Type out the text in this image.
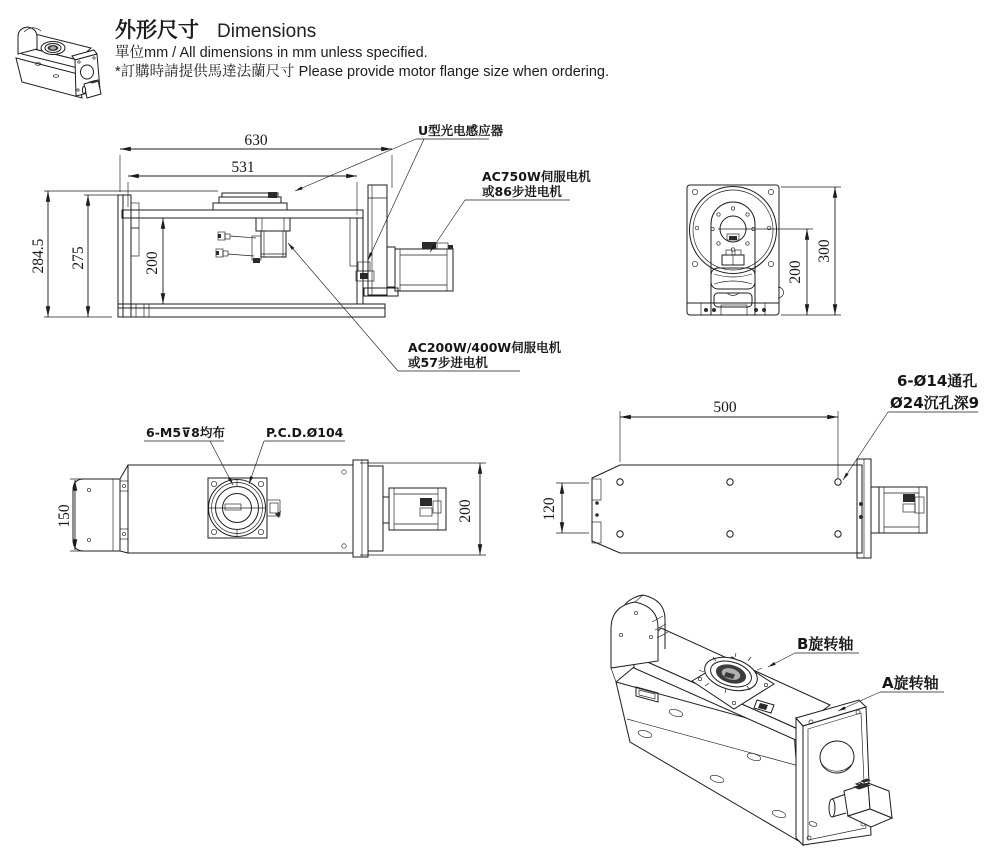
外形尺寸 Dimensions
單位mm / All dimensions in mm unless specified.
*訂購時請提供馬達法蘭尺寸 Please provide motor flange size when ordering.
630
531
284.5 275	200
U型光电感应器
AC750W伺服电机
或86步进电机
AC200W/400W伺服电机
或57步进电机
200
300
150	200
6-M5⊽8均布	P.C.D.Ø104
500
120
6-Ø14通孔
Ø24沉孔深9
B旋转轴
A旋转轴
